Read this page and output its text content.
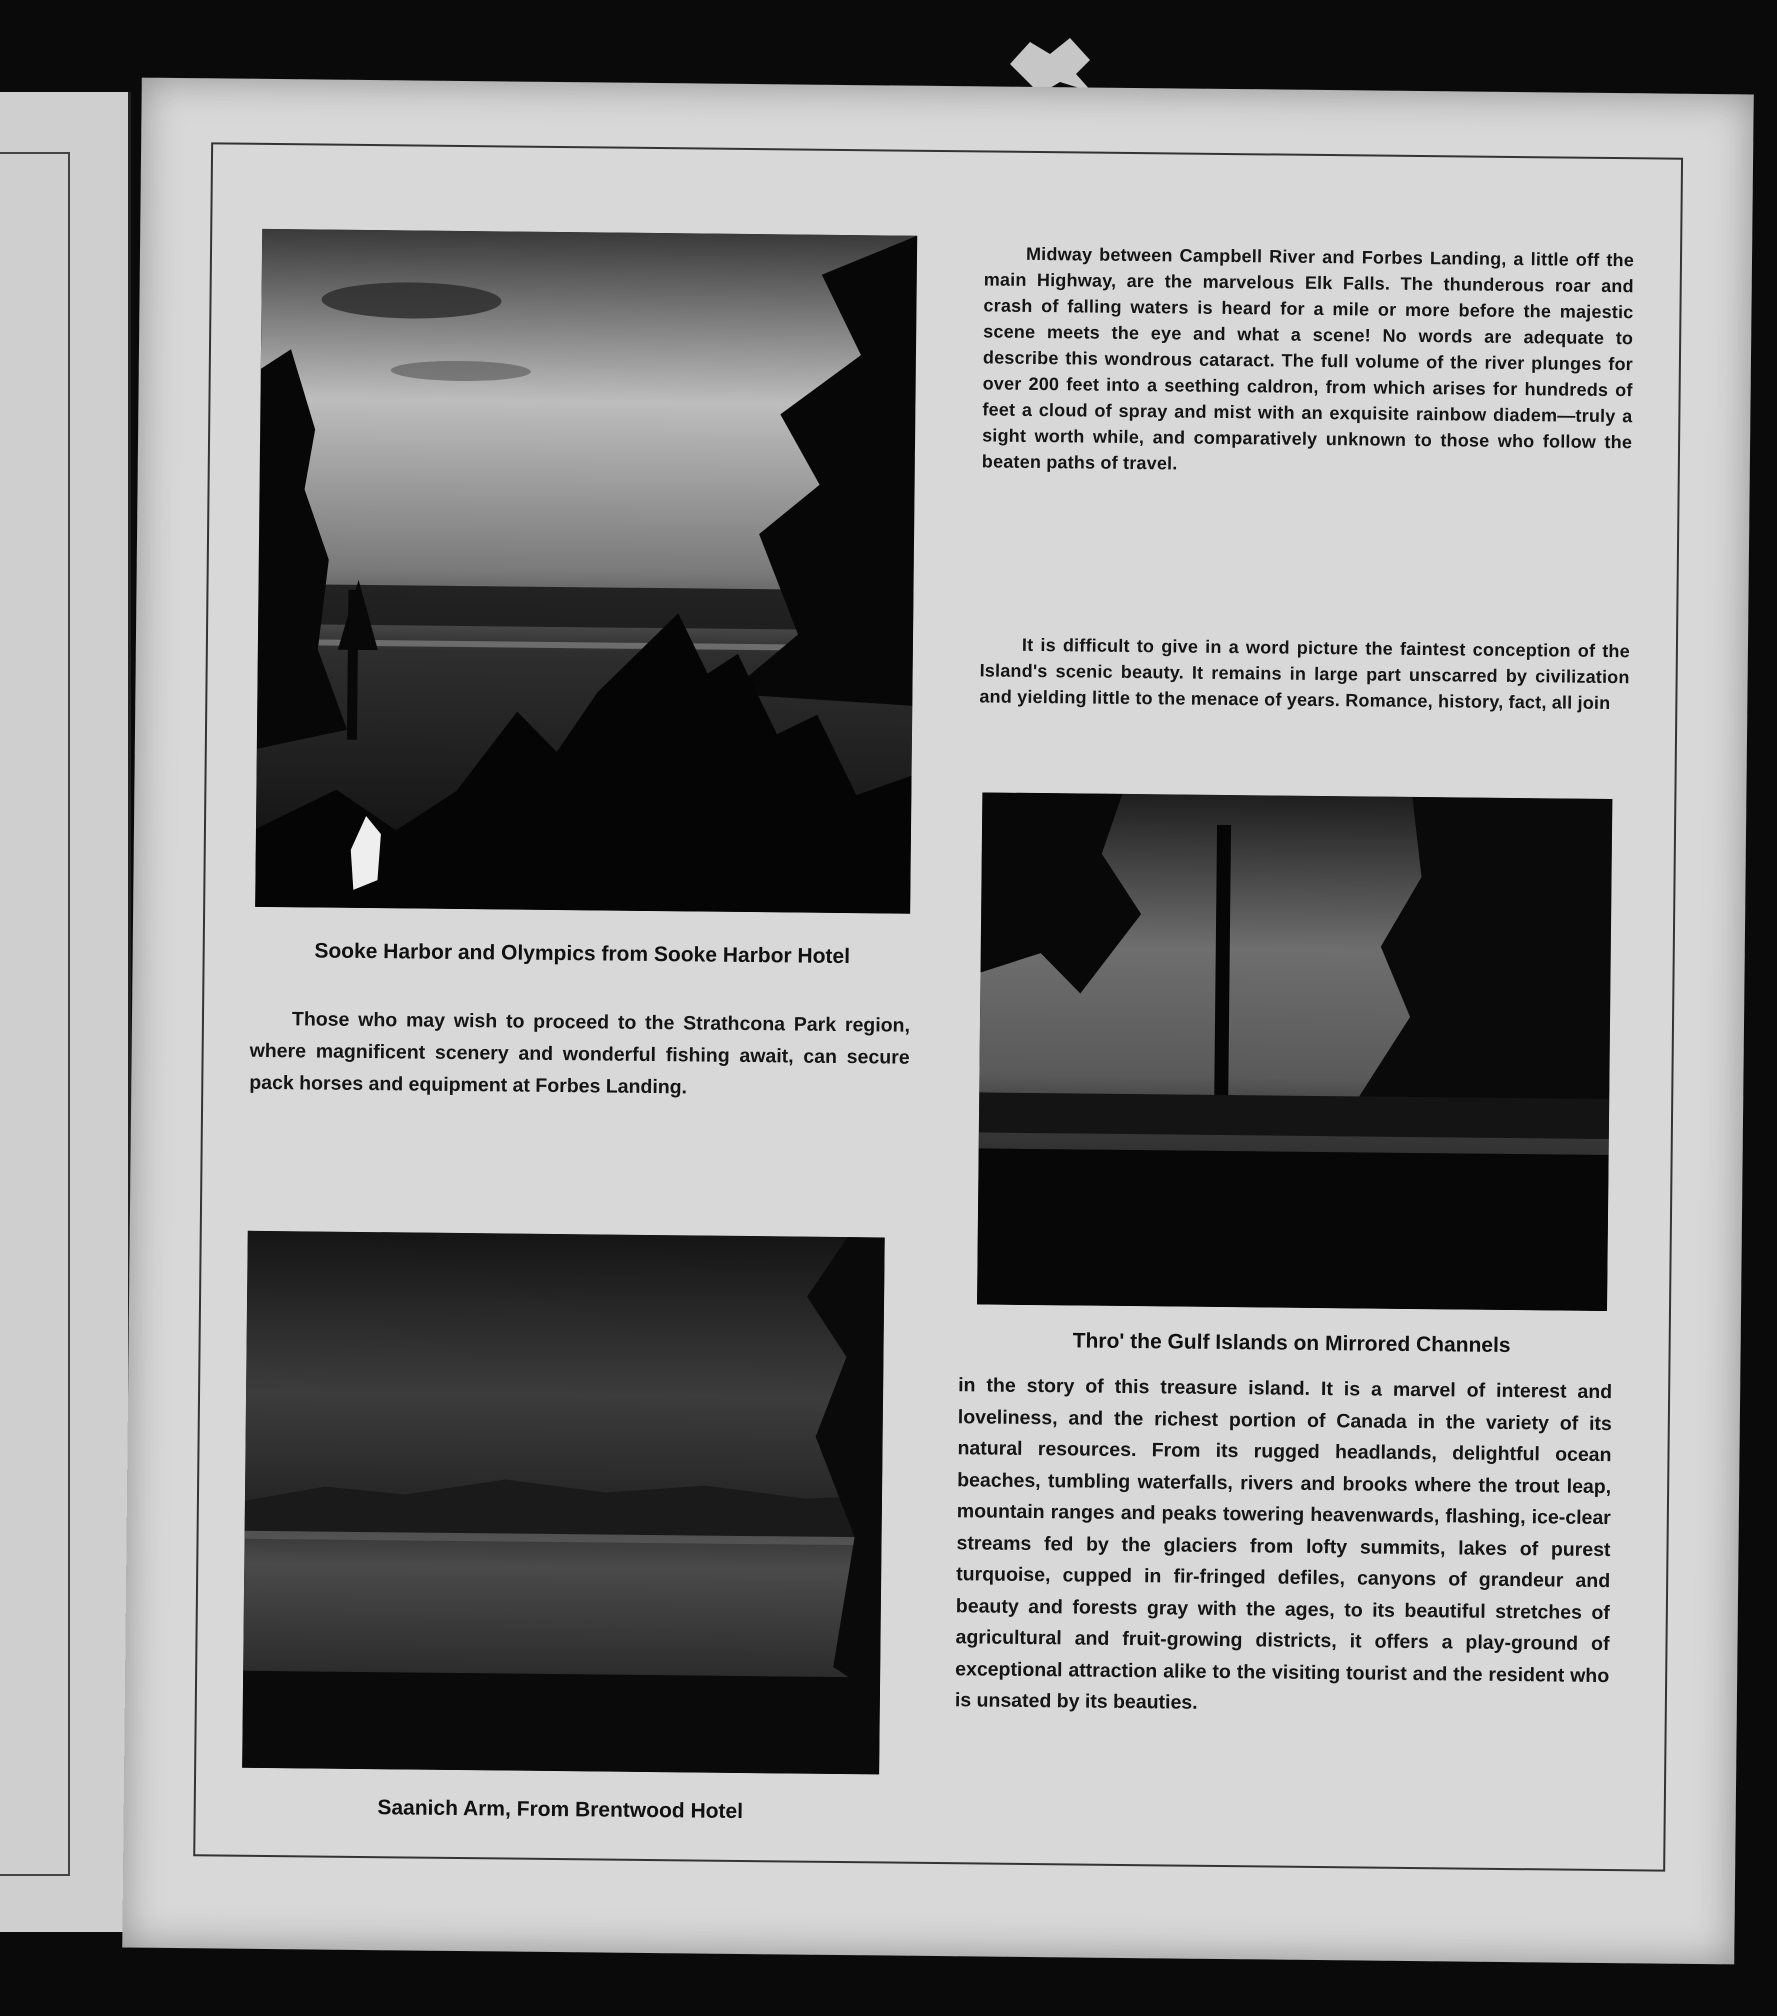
Sooke Harbor and Olympics from Sooke Harbor Hotel

Those who may wish to proceed to the Strathcona Park region, where magnificent scenery and wonderful fishing await, can secure pack horses and equipment at Forbes Landing.

Saanich Arm, From Brentwood Hotel

Midway between Campbell River and Forbes Landing, a little off the main Highway, are the marvelous Elk Falls. The thunderous roar and crash of falling waters is heard for a mile or more before the majestic scene meets the eye and what a scene! No words are adequate to describe this wondrous cataract. The full volume of the river plunges for over 200 feet into a seething caldron, from which arises for hundreds of feet a cloud of spray and mist with an exquisite rainbow diadem—truly a sight worth while, and comparatively unknown to those who follow the beaten paths of travel.

It is difficult to give in a word picture the faintest conception of the Island's scenic beauty. It remains in large part unscarred by civilization and yielding little to the menace of years. Romance, history, fact, all join

Thro' the Gulf Islands on Mirrored Channels

in the story of this treasure island. It is a marvel of interest and loveliness, and the richest portion of Canada in the variety of its natural resources. From its rugged headlands, delightful ocean beaches, tumbling waterfalls, rivers and brooks where the trout leap, mountain ranges and peaks towering heavenwards, flashing, ice-clear streams fed by the glaciers from lofty summits, lakes of purest turquoise, cupped in fir-fringed defiles, canyons of grandeur and beauty and forests gray with the ages, to its beautiful stretches of agricultural and fruit-growing districts, it offers a play-ground of exceptional attraction alike to the visiting tourist and the resident who is unsated by its beauties.
